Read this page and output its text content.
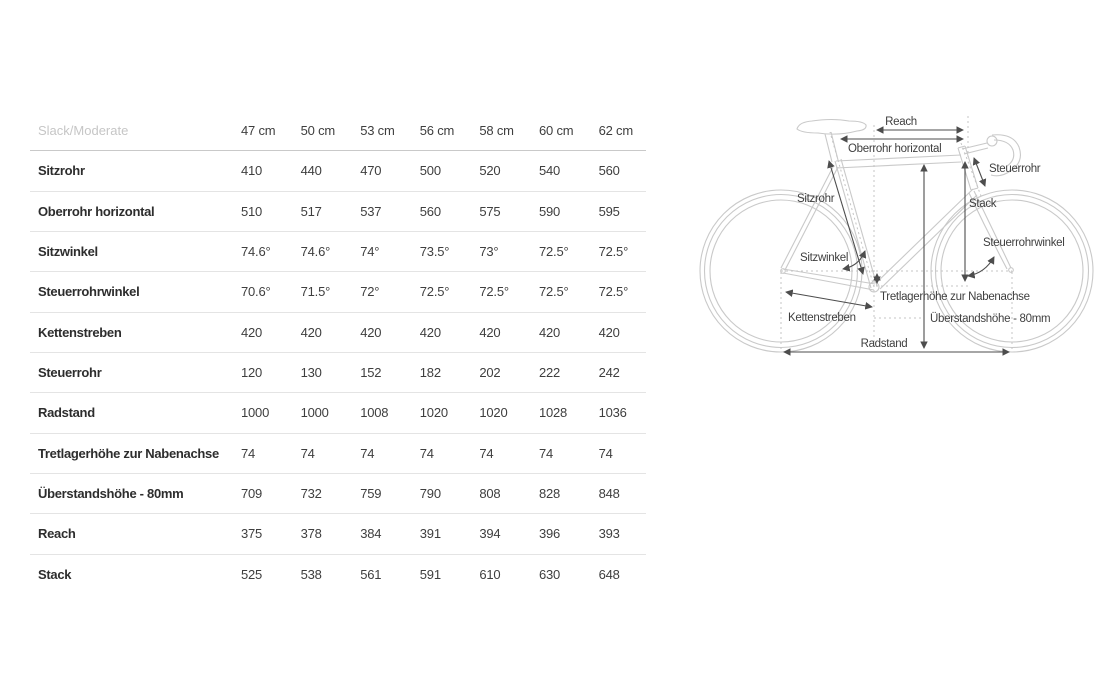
Slack/Moderate	47 cm	50 cm	53 cm	56 cm	58 cm	60 cm	62 cm
Sitzrohr	410	440	470	500	520	540	560
Oberrohr horizontal	510	517	537	560	575	590	595
Sitzwinkel	74.6°	74.6°	74°	73.5°	73°	72.5°	72.5°
Steuerrohrwinkel	70.6°	71.5°	72°	72.5°	72.5°	72.5°	72.5°
Kettenstreben	420	420	420	420	420	420	420
Steuerrohr	120	130	152	182	202	222	242
Radstand	1000	1000	1008	1020	1020	1028	1036
Tretlagerhöhe zur Nabenachse	74	74	74	74	74	74	74
Überstandshöhe - 80mm	709	732	759	790	808	828	848
Reach	375	378	384	391	394	396	393
Stack	525	538	561	591	610	630	648
Reach
Oberrohr horizontal
Steuerrohr
Sitzrohr	Stack
Steuerrohrwinkel
Sitzwinkel
Tretlagerhöhe zur Nabenachse
Kettenstreben	Überstandshöhe - 80mm
Radstand
